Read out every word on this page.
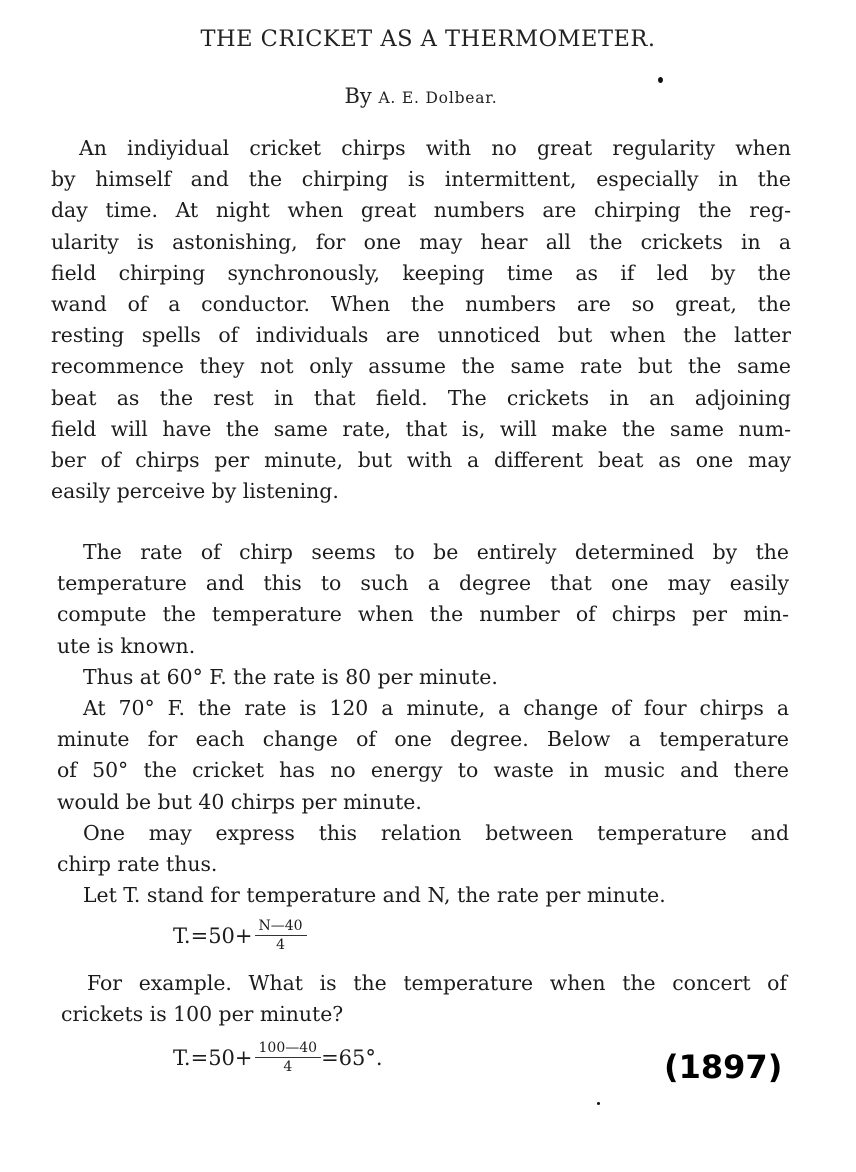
THE CRICKET AS A THERMOMETER.
By A. E. Dolbear.
An indiyidual cricket chirps with no great regularity when
by himself and the chirping is intermittent, especially in the
day time. At night when great numbers are chirping the reg-
ularity is astonishing, for one may hear all the crickets in a
field chirping synchronously, keeping time as if led by the
wand of a conductor. When the numbers are so great, the
resting spells of individuals are unnoticed but when the latter
recommence they not only assume the same rate but the same
beat as the rest in that field. The crickets in an adjoining
field will have the same rate, that is, will make the same num-
ber of chirps per minute, but with a different beat as one may
easily perceive by listening.
The rate of chirp seems to be entirely determined by the
temperature and this to such a degree that one may easily
compute the temperature when the number of chirps per min-
ute is known.
Thus at 60° F. the rate is 80 per minute.
At 70° F. the rate is 120 a minute, a change of four chirps a
minute for each change of one degree. Below a temperature
of 50° the cricket has no energy to waste in music and there
would be but 40 chirps per minute.
One may express this relation between temperature and
chirp rate thus.
Let T. stand for temperature and N, the rate per minute.
$T.=50+ \frac{N—40}{4}$
For example. What is the temperature when the concert of
crickets is 100 per minute?
$T.=50+ \frac{100—40}{4} =65^\circ$.	(1897)
